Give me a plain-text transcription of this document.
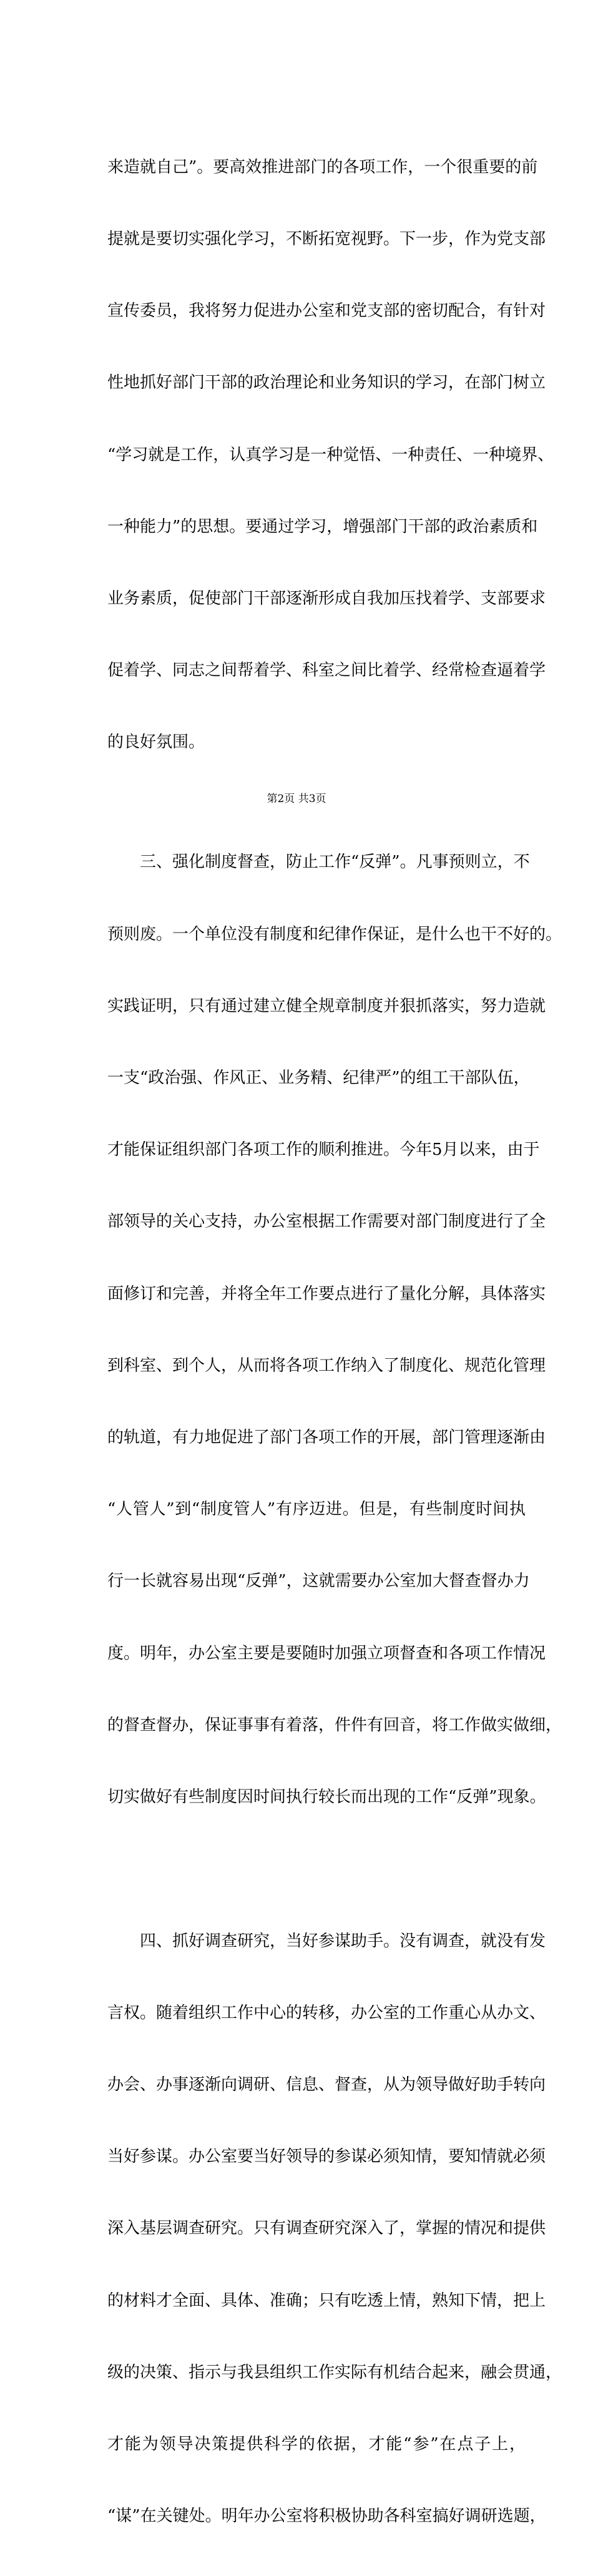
来造就自己”。要高效推进部门的各项工作，一个很重要的前

提就是要切实强化学习，不断拓宽视野。下一步，作为党支部

宣传委员，我将努力促进办公室和党支部的密切配合，有针对

性地抓好部门干部的政治理论和业务知识的学习，在部门树立

“学习就是工作，认真学习是一种觉悟、一种责任、一种境界、

一种能力”的思想。要通过学习，增强部门干部的政治素质和

业务素质，促使部门干部逐渐形成自我加压找着学、支部要求

促着学、同志之间帮着学、科室之间比着学、经常检查逼着学

的良好氛围。

　　三、强化制度督查，防止工作“反弹”。凡事预则立，不

预则废。一个单位没有制度和纪律作保证，是什么也干不好的。

实践证明，只有通过建立健全规章制度并狠抓落实，努力造就

一支“政治强、作风正、业务精、纪律严”的组工干部队伍，

才能保证组织部门各项工作的顺利推进。今年5月以来，由于

部领导的关心支持，办公室根据工作需要对部门制度进行了全

面修订和完善，并将全年工作要点进行了量化分解，具体落实

到科室、到个人，从而将各项工作纳入了制度化、规范化管理

的轨道，有力地促进了部门各项工作的开展，部门管理逐渐由

“人管人”到“制度管人”有序迈进。但是，有些制度时间执

行一长就容易出现“反弹”，这就需要办公室加大督查督办力

度。明年，办公室主要是要随时加强立项督查和各项工作情况

的督查督办，保证事事有着落，件件有回音，将工作做实做细，

切实做好有些制度因时间执行较长而出现的工作“反弹”现象。

　　四、抓好调查研究，当好参谋助手。没有调查，就没有发

言权。随着组织工作中心的转移，办公室的工作重心从办文、

办会、办事逐渐向调研、信息、督查，从为领导做好助手转向

当好参谋。办公室要当好领导的参谋必须知情，要知情就必须

深入基层调查研究。只有调查研究深入了，掌握的情况和提供

的材料才全面、具体、准确；只有吃透上情，熟知下情，把上

级的决策、指示与我县组织工作实际有机结合起来，融会贯通，

才能为领导决策提供科学的依据，才能“参”在点子上，

“谋”在关键处。明年办公室将积极协助各科室搞好调研选题，

第2页 共3页
